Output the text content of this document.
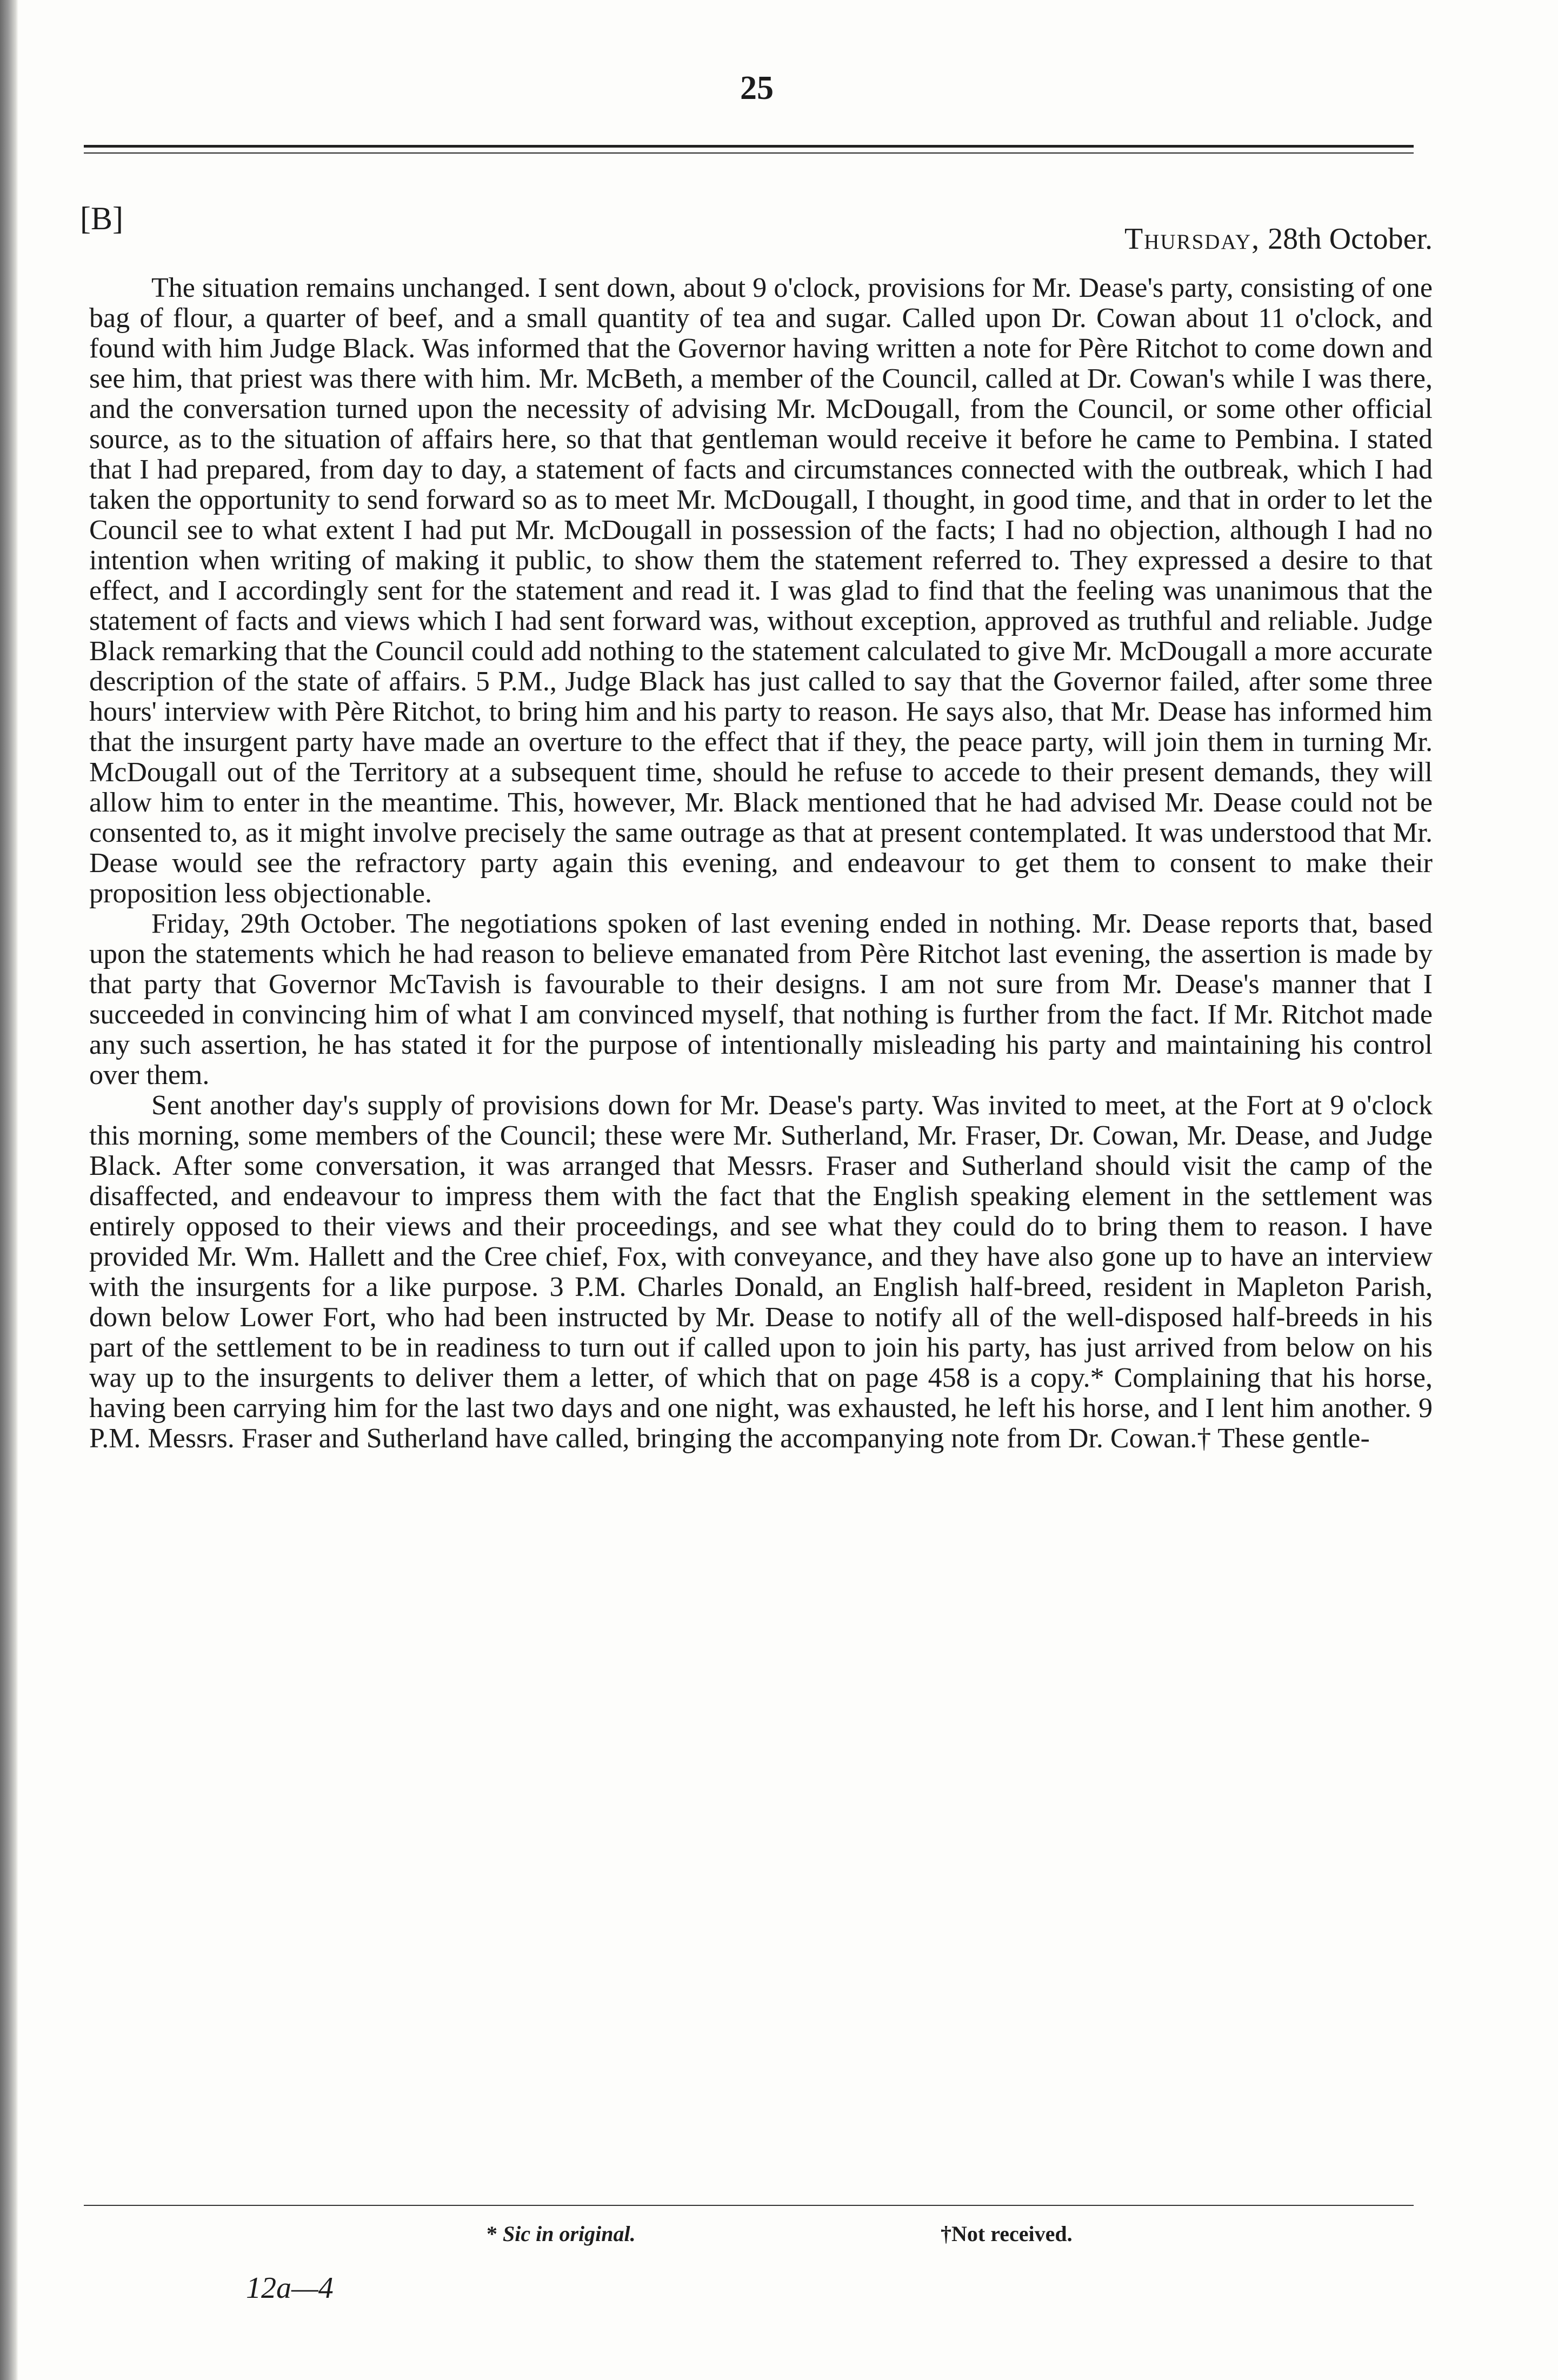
25
[B]
Thursday, 28th October.

The situation remains unchanged. I sent down, about 9 o'clock, provisions for Mr. Dease's party, consisting of one bag of flour, a quarter of beef, and a small quantity of tea and sugar. Called upon Dr. Cowan about 11 o'clock, and found with him Judge Black. Was informed that the Governor having written a note for Père Ritchot to come down and see him, that priest was there with him. Mr. McBeth, a member of the Council, called at Dr. Cowan's while I was there, and the conversation turned upon the necessity of advising Mr. McDougall, from the Council, or some other official source, as to the situation of affairs here, so that that gentleman would receive it before he came to Pembina. I stated that I had prepared, from day to day, a statement of facts and circumstances connected with the outbreak, which I had taken the opportunity to send forward so as to meet Mr. McDougall, I thought, in good time, and that in order to let the Council see to what extent I had put Mr. McDougall in possession of the facts; I had no objection, although I had no intention when writing of making it public, to show them the statement referred to. They expressed a desire to that effect, and I accordingly sent for the statement and read it. I was glad to find that the feeling was unanimous that the statement of facts and views which I had sent forward was, without exception, approved as truthful and reliable. Judge Black remarking that the Council could add nothing to the statement calculated to give Mr. McDougall a more accurate description of the state of affairs. 5 P.M., Judge Black has just called to say that the Governor failed, after some three hours' interview with Père Ritchot, to bring him and his party to reason. He says also, that Mr. Dease has informed him that the insurgent party have made an overture to the effect that if they, the peace party, will join them in turning Mr. McDougall out of the Territory at a subsequent time, should he refuse to accede to their present demands, they will allow him to enter in the meantime. This, however, Mr. Black mentioned that he had advised Mr. Dease could not be consented to, as it might involve precisely the same outrage as that at present contemplated. It was understood that Mr. Dease would see the refractory party again this evening, and endeavour to get them to consent to make their proposition less objectionable.

Friday, 29th October. The negotiations spoken of last evening ended in nothing. Mr. Dease reports that, based upon the statements which he had reason to believe emanated from Père Ritchot last evening, the assertion is made by that party that Governor McTavish is favourable to their designs. I am not sure from Mr. Dease's manner that I succeeded in convincing him of what I am convinced myself, that nothing is further from the fact. If Mr. Ritchot made any such assertion, he has stated it for the purpose of intentionally misleading his party and maintaining his control over them.

Sent another day's supply of provisions down for Mr. Dease's party. Was invited to meet, at the Fort at 9 o'clock this morning, some members of the Council; these were Mr. Sutherland, Mr. Fraser, Dr. Cowan, Mr. Dease, and Judge Black. After some conversation, it was arranged that Messrs. Fraser and Sutherland should visit the camp of the disaffected, and endeavour to impress them with the fact that the English speaking element in the settlement was entirely opposed to their views and their proceedings, and see what they could do to bring them to reason. I have provided Mr. Wm. Hallett and the Cree chief, Fox, with conveyance, and they have also gone up to have an interview with the insurgents for a like purpose. 3 P.M. Charles Donald, an English half-breed, resident in Mapleton Parish, down below Lower Fort, who had been instructed by Mr. Dease to notify all of the well-disposed half-breeds in his part of the settlement to be in readiness to turn out if called upon to join his party, has just arrived from below on his way up to the insurgents to deliver them a letter, of which that on page 458 is a copy.* Complaining that his horse, having been carrying him for the last two days and one night, was exhausted, he left his horse, and I lent him another. 9 P.M. Messrs. Fraser and Sutherland have called, bringing the accompanying note from Dr. Cowan.† These gentle-

12a—4
* Sic in original.	†Not received.
